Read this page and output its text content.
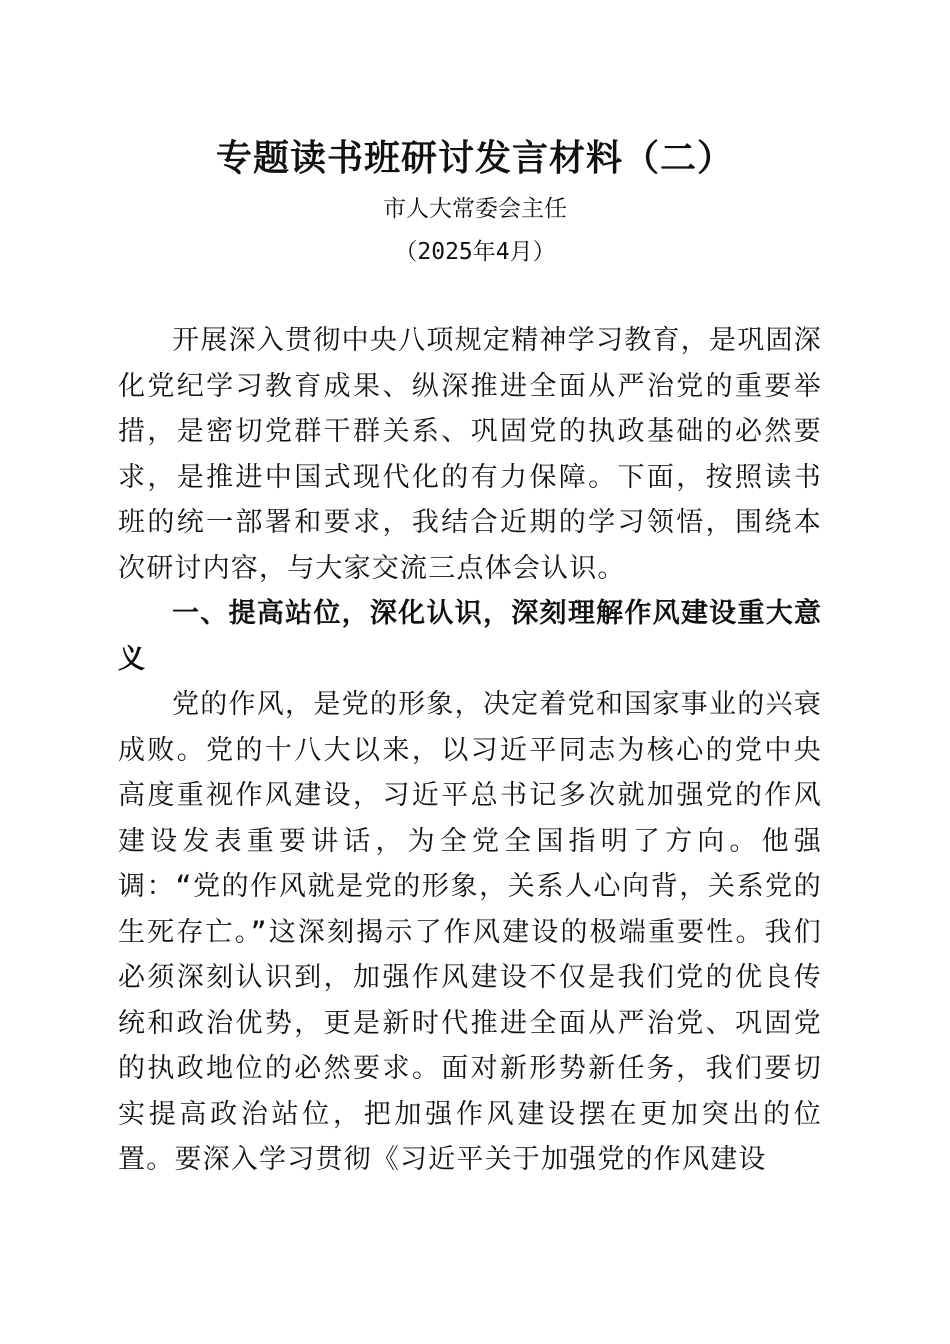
专题读书班研讨发言材料（二）
市人大常委会主任
（2025年4月）

开展深入贯彻中央八项规定精神学习教育，是巩固深化党纪学习教育成果、纵深推进全面从严治党的重要举措，是密切党群干群关系、巩固党的执政基础的必然要求，是推进中国式现代化的有力保障。下面，按照读书班的统一部署和要求，我结合近期的学习领悟，围绕本次研讨内容，与大家交流三点体会认识。

一、提高站位，深化认识，深刻理解作风建设重大意义

党的作风，是党的形象，决定着党和国家事业的兴衰成败。党的十八大以来，以习近平同志为核心的党中央高度重视作风建设，习近平总书记多次就加强党的作风建设发表重要讲话，为全党全国指明了方向。他强调：“党的作风就是党的形象，关系人心向背，关系党的生死存亡。”这深刻揭示了作风建设的极端重要性。我们必须深刻认识到，加强作风建设不仅是我们党的优良传统和政治优势，更是新时代推进全面从严治党、巩固党的执政地位的必然要求。面对新形势新任务，我们要切实提高政治站位，把加强作风建设摆在更加突出的位置。要深入学习贯彻《习近平关于加强党的作风建设
